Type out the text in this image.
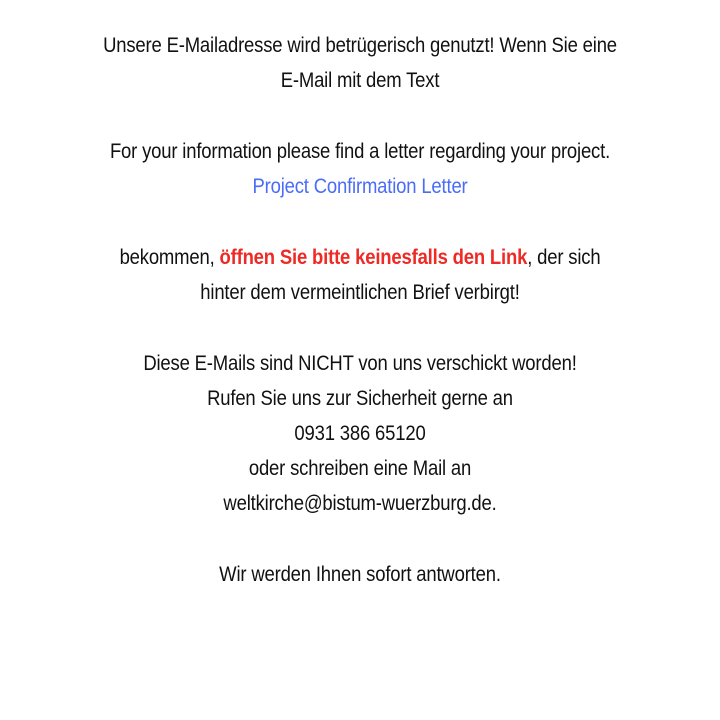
Unsere E-Mailadresse wird betrügerisch genutzt! Wenn Sie eine
E-Mail mit dem Text

For your information please find a letter regarding your project.
Project Confirmation Letter

bekommen, öffnen Sie bitte keinesfalls den Link, der sich
hinter dem vermeintlichen Brief verbirgt!

Diese E-Mails sind NICHT von uns verschickt worden!
Rufen Sie uns zur Sicherheit gerne an
0931 386 65120
oder schreiben eine Mail an
weltkirche@bistum-wuerzburg.de.

Wir werden Ihnen sofort antworten.
